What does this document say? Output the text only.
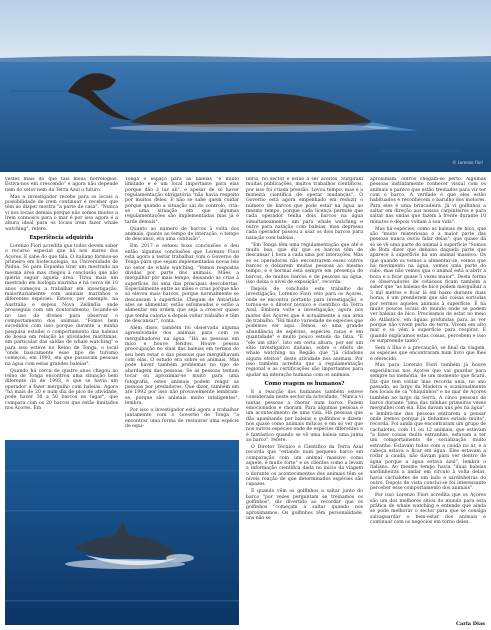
© Lorenzo Fiori

vestes mais do que tais meus horrelogios. Estiva-nos em crescendo" e agora não depende nem do setor nem da Terra Azul o futuro.

Mas a investigador recebe para os locais a possibilidade de irem continuar e receber que têm ao dizper mostra "a parte de casa". "Nunca vi nos locais demais porque não somos muitos a irem connosco para o mar é por isso agora é a altura ideal para os locais irem fazer whale watching", refere.

Experiência adquirida

Lorenzo Fiori acredita que todos devem saber o recurso especial que há nos mares dos Açores. E sabe do que fala. O italiano formou-se primeiro em biotecnologia, na Universidade de Pádua. Só para Espanha tirar um mestrado na mesma área mas chegou à conclusão que não queria seguir aquela área. Tirou mais um mestrado em biologia marinha e há cerca de 10 anos começou a trabalhar em investigação, maioritariamente com animais marinhos e diferentes espécies. Esteve, por exemplo, na Austrália e depois Nova Zelândia onde prosseguiu com um doutoramento, focando-se no uso de drones para observar o comportamento dos animais. "Fomos bem sucedidos com isso porque durante a minha pesquisa estudei o comportamento das baleias de bossa em relação às atividades marítimas, em particular das saídas de whale watching" e para isso esteve no Reino de Tonga, o local "onde basicamente esse tipo de turismo começou, em 1993, em que passavam pessoas na água com estas grandes baleias".

Quando há cerca de quatro anos chegou ao reino de Tonga encontrou uma situação bem diferente da de 1993, é que se havia um operador a fazer mergulho com baleias. Agora "há mais de 20 e num dia de pico de atividade, pode haver 30 a 50 barcos no lugar", que compara com os 20 barcos que estão limitados nos Açores. Em

Tonga o espaço para as baleias "é muito limitado e é um local importante para elas porque dão à luz ali", e apesar de só haver regulamentação obrigatória "não havia respeito por muitos deles. E não se sabe quem cuidar porque quando a situação sai do controlo, cria-se uma situação em que algumas regulamentações são implementadas mas já é tarde demais".

Quanto ao número de barcos à volta dos animais, quanto ao tempo de interação, o tempo de descanso, era uma confusão".

Em 2017 e estuou boas conclusões e deu então algumas conclusões que Lorenzo Fiori está agora a testar trabalhar com o Governo de Tonga para que sejam implementadas novas leis no setor de whale watching. "Vemos respostas dividas por parte dos animais. Mães a mergulhar por mais tempo, deixando as crias à superfície, foi uma das principais descobertas. Especialmente entre as mães e crias porque não só elevou mais barcos, porque normalmente se descansam à superfície. Chegam de Antártida ates se alimentar, estão esfomeadas e estão a alimentar em ordem que seja a crescer quase que tenha caloria e depois voltar trabalho e têm de descansar", conta.

Além disso, também foi observada alguma agressividade dos animais para com os mergulhadores na água. "Há as pessoas em mico e houve feridos. Houve pessoa preocupação no sinal das baleias em termos do seu bem estar e das pessoas que mergulhavam com elas. O estudo era sobre os animais. Mas pode haver também problemas no tipo de abordagem das pessoas. Se as pessoas tentam tocar ou aproximar-se muito para uma fotografia, estes animais podem reagir as pessoas por predadores. Que dizer, também em até 1992 por isso não provavelmente lembram-se, porque são animais muito inteligentes", lembra.

Por isso o investigador está agora a trabalhar juntamente com o Governo de Tonga "a encontrar uma forma de restaurar uma espécie de equi-

líbrio, no sector e estão a ser aceites. Surgiram muitas publicações, muitos trabalhos científicos, por isso foi criada pressão. Levou tempo, mas é a maneira científica de operar mudanças". O Governo está agora empenhado em reduzir o número de barcos que pode estar na água ao mesmo tempo, porque cada licença permite que cada operador tenha dois barcos na água simultaneamente: um para whale watching e outro para natação com baleias, mas depressa cada operador passou a usar os dois barcos para natação com baleias.

"Em Tonga têm uma regulamentação que até é muito boa, que diz que os barcos têm de descansar 1 hora a cada uma por interações. Mas se os operadores não encontrarem esses outros barcos e deixarem muitas pessoas ao mesmo tempo, e é normal está sempre em presença de barcos, de muitos barcos e de pessoas na água, isso deixa o nível de exposição", recorda.

Depois de concluído este trabalho de investigação, Lorenzo Fiori veio para os Açores, onde se encontra portanto para investigação, e tornou-se o diretor técnico e científico da Terra Azul. Embora volte a investigação, agora nos mares dos Açores que é actualmente a sua área de trabalho. "Há muito variedade de espécies que podemos ver aqui. Temos, só uma grande abundância de espécies, espécies raras e em quantidade" e muito pouco estudo da fatia. "E "ele um sítio". Isto em certa altura, por ser um sítio investigativo italiano, sobre o efeito de whale watching na Região que "já cidadons alguns efeitos" deste atividade nos animais. Por isso também acredita que a regulamentação regional e as certificações são importantes para ajudar na interação humana com os animais.

Como reagem os humanos?

E a reacção dos humanos também esteve considerada neste sector da actividade. "Nunca vi tantas pessoas a chorar num barco. Fazem emocionados e choram. Para algumas pessoas é um acontecimento de uma vida. Há pessoas que dão apanhando por baleias e golfinhos e dizem-nos quase como animais míticos e em só ver que nos outros espécies onde de espécies diferentes e é fantástico quando se vê uma baleia uma junta ao barco", refere.

O Diretor Técnico e Científico da Terra Azul recorda que "estando num pequeno barco em comparação com um animal massivo como aquele, é muito forte" e os clientes como a levam a informação científica dada no início da viagem o durante os acontecimentos dos animais têm os níveis reação de que determinados espécies são capazes.

É quando vêm os golfinhos a saltar junto do barco "por vezes perguntam se treinamos os golfinhos", diz divertido ao recordar que os golfinhos "começam a saltar quando nos aproximamos. Os golfinhos têm personalidade, uns não se

aproximam, outros chegam-se perto. Algumas pessoas instintamente conhecer visual com os animais e parece que estão treinados para vir ter com o barco. A verdade é que eles estão habituados e reconhecem o barulho dos motores. Para eles é uma brincadeira. Já vi golfinhos a saltar em direção aos nossos carpinteiros e para saltar nas ondas que fazem à frente durante 10 minutos e depois voltam à sua vida".

Mas há espécies, como as baleias de bico, que são "muito misteriosas e a maior parte das pessoas nunca ouviu falar delas", que quase dá só se vê uma parte do animal à superfície "Somos de Bom dizer que debaixo daquela parte que aparece à superfície há um animal massivo. Os que quando os vemos a alimentar-se, vemos que há movimento na água, vemos uma parte do rabo, mas não vemos qua o animal está a abrir a boca e a ficar quase 5 vezes maior". Desta forma os observadores de cetáceos ficam também a saber que "as baleias de bico podem mergulhar a 3 mil metros e ficar lá em baixo durante duas horas, é um prenderem que são coisas sortudas por vermos aqueles animais à superfície. É há muito poucos locais do mundo onde se podem ver baleias de bico. Precisamos de estar no meio do Atlântico, em águas profundas para as ver porque não vivem perto de terra. Vivem em alto mar e só vêm à superfície para respirar. E quando explicamos estas coisas, percebem e isso os surpreende tanto".

Sem a Ilha e a precaução, se final da viagem, as espécies que encontraram num livro que lhes é oferecido.

Mas para Lorenzo Fiori também já houve experiências nos Açores que vai guardar para sempre na memória, de um momento que ficará. Diz que tem visitar mas recorda uma, no ano passado, ao largo da Madeira e ocasionalmente nos locais de cá "chiquinhos" e no mar de Açores também ao largo da Serra. A cinco pessoas de barco durante "uma das minhas primeiras vezes mergulhei com ela. Elas davam uns pés na água", e lembra-me das pessoas entrarem a pensar onde iremos porque já tínhamos estado muito", recorda. Foi ainda que encontraram um grupo de cachalotes, com 11 ou 12 animais, que estavam "a fazer coisas muito estranhas, estavam a ter um comportamento de socialização muito estranho. Estavam todos com a cauda no ar, e a cabeça estava a ficar em água. Eles estavam a rodar a cauda, não davam para ver dentro de água porque a água estava azul", lembra o italiano. Ao mesmo tempo havia "duas baleias sardinheiras a andar em círculo à volta delas, havia cachalotes de um lado e sardinheiras do outro. Depois de vista conclui-se foi interessante perceber esse comportamento dos animais".

Por isso Lorenzo Fiori acredita que os Açores são um dos melhores sítios do mundo para esta prática de whale watching e entende que ainda se pode melhorar o sector para que se consiga salvaguardar o bem-estar dos animais e continuar com os negócios em torno deles.

Carla Dias
